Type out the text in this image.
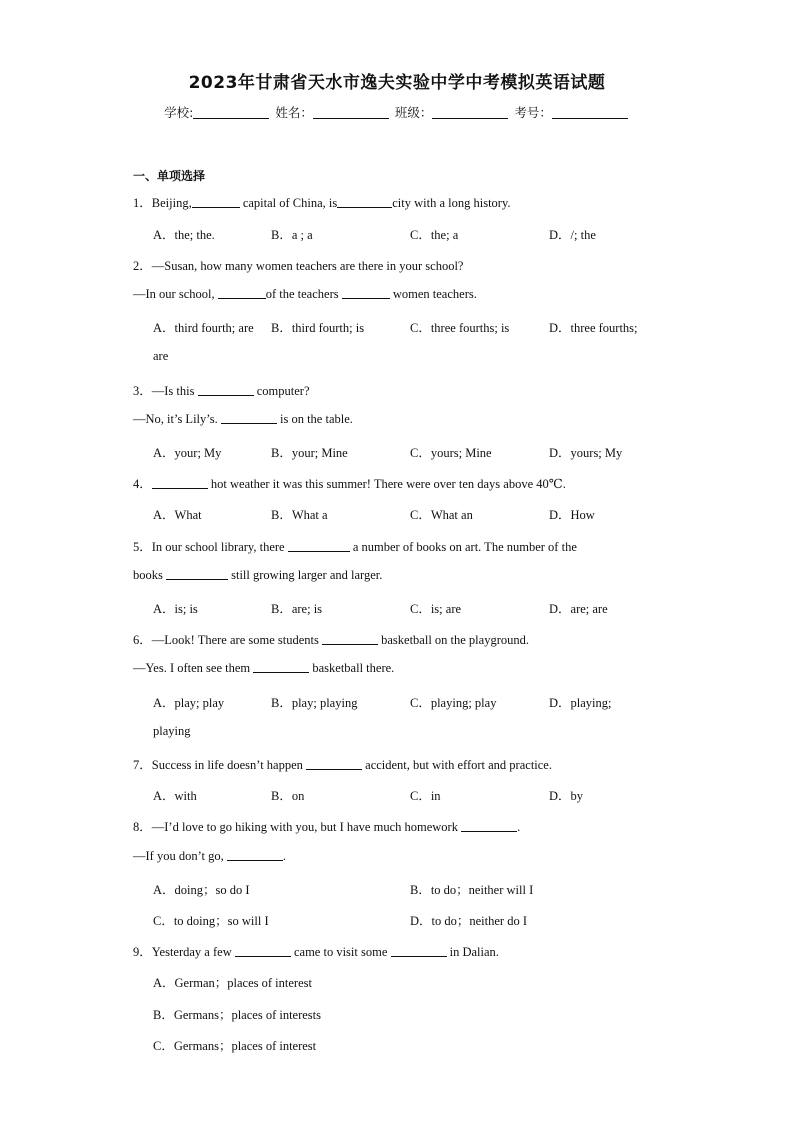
2023年甘肃省天水市逸夫实验中学中考模拟英语试题
学校:	姓名：	班级：	考号：
一、单项选择
1．Beijing,	capital of China, is	city with a long history.
A．the; the.	B．a ; a	C．the; a	D．/; the
2．—Susan, how many women teachers are there in your school?
—In our school,	of the teachers	women teachers.
A．third fourth; are B．third fourth; is	C．three fourths; is	D．three fourths;
are
3．—Is this	computer?
—No, it’s Lily’s.	is on the table.
A．your; My	B．your; Mine	C．yours; Mine	D．yours; My
4．	hot weather it was this summer! There were over ten days above 40℃.
A．What	B．What a	C．What an	D．How
5．In our school library, there	a number of books on art. The number of the
books	still growing larger and larger.
A．is; is	B．are; is	C．is; are	D．are; are
6．—Look! There are some students	basketball on the playground.
—Yes. I often see them	basketball there.
A．play; play	B．play; playing	C．playing; play	D．playing;
playing
7．Success in life doesn’t happen	accident, but with effort and practice.
A．with	B．on	C．in	D．by
8．—I’d love to go hiking with you, but I have much homework	.
—If you don’t go,	.
A．doing；so do I	B．to do；neither will I
C．to doing；so will I	D．to do；neither do I
9．Yesterday a few	came to visit some	in Dalian.
A．German；places of interest
B．Germans；places of interests
C．Germans；places of interest
